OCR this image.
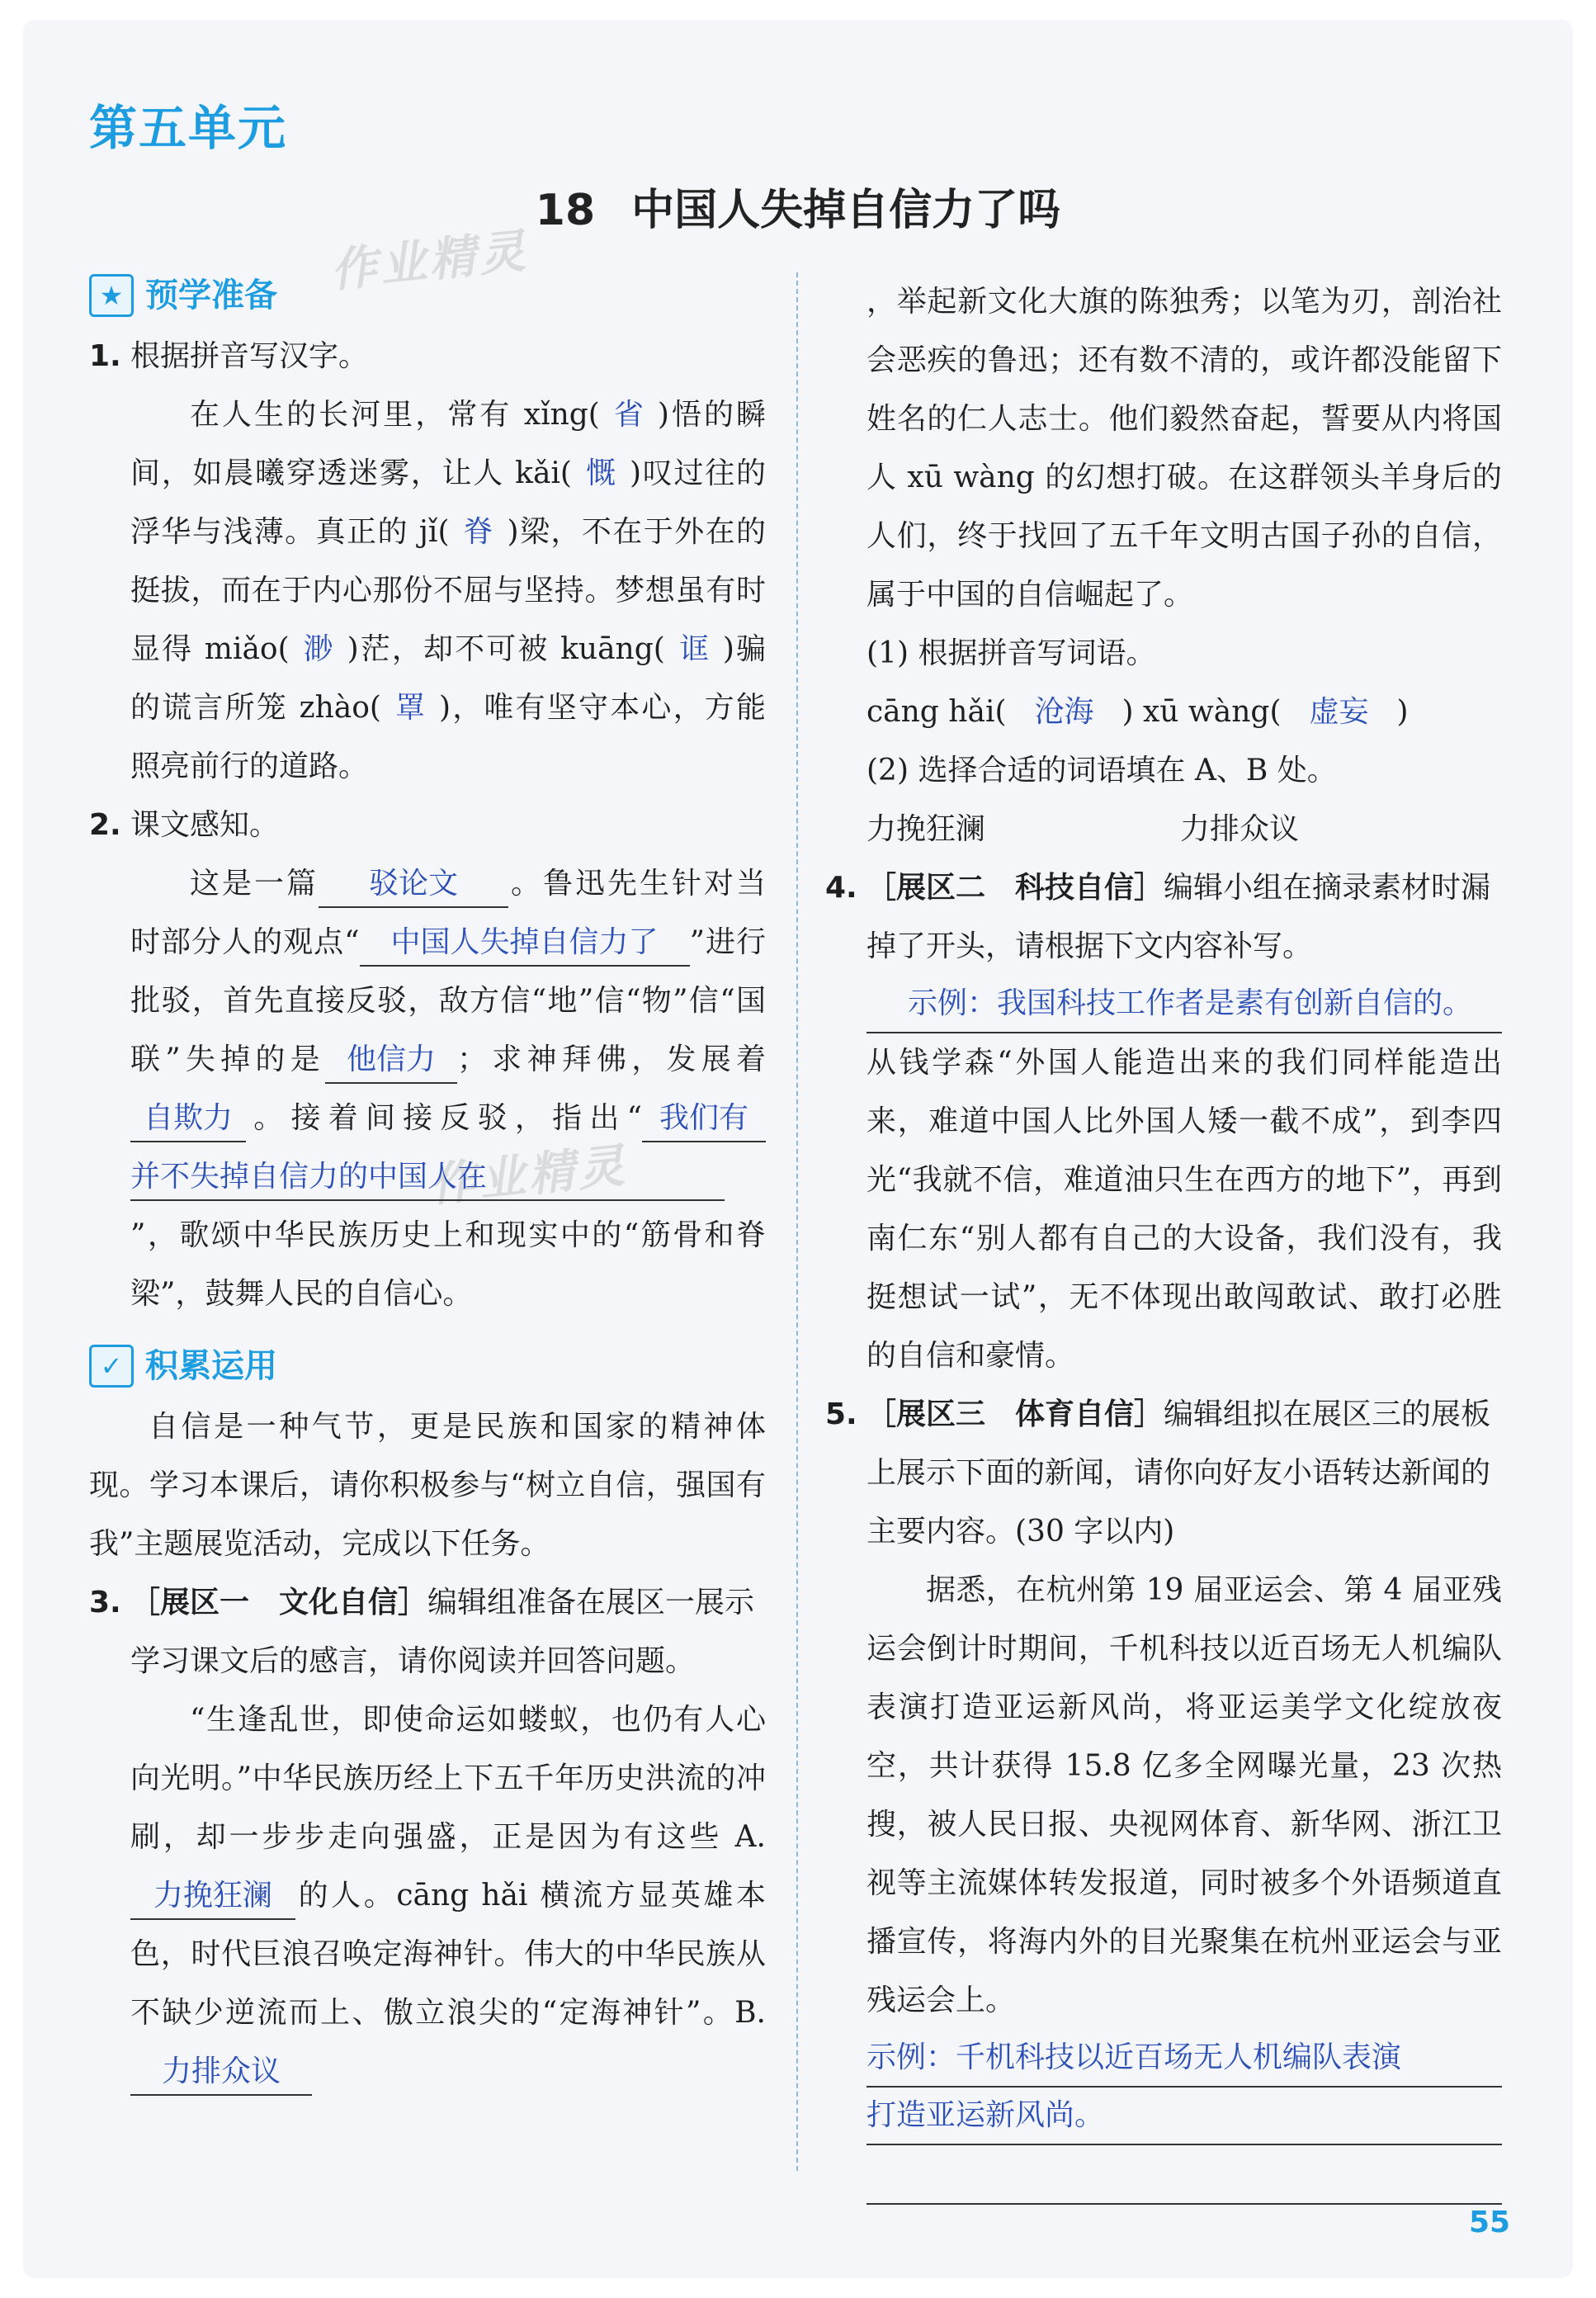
第五单元
18 中国人失掉自信力了吗
作业精灵
作业精灵
★ 预学准备
1. 根据拼音写汉字。
在人生的长河里，常有 xǐng( 省 )悟的瞬间，如晨曦穿透迷雾，让人 kǎi( 慨 )叹过往的浮华与浅薄。真正的 jǐ( 脊 )梁，不在于外在的挺拔，而在于内心那份不屈与坚持。梦想虽有时显得 miǎo( 渺 )茫，却不可被 kuāng( 诓 )骗的谎言所笼 zhào( 罩 )，唯有坚守本心，方能照亮前行的道路。
2. 课文感知。
这是一篇 驳论文 。鲁迅先生针对当时部分人的观点“ 中国人失掉自信力了 ”进行批驳，首先直接反驳，敌方信“地”信“物”信“国联”失掉的是 他信力 ；求神拜佛，发展着自欺力 。接着间接反驳，指出“ 我们有并不失掉自信力的中国人在”，歌颂中华民族历史上和现实中的“筋骨和脊梁”，鼓舞人民的自信心。
✓ 积累运用
自信是一种气节，更是民族和国家的精神体现。学习本课后，请你积极参与“树立自信，强国有我”主题展览活动，完成以下任务。
3. ［展区一　文化自信］编辑组准备在展区一展示学习课文后的感言，请你阅读并回答问题。
“生逢乱世，即使命运如蝼蚁，也仍有人心向光明。”中华民族历经上下五千年历史洪流的冲刷，却一步步走向强盛，正是因为有这些 A.力挽狂澜 的人。cāng hǎi 横流方显英雄本色，时代巨浪召唤定海神针。伟大的中华民族从不缺少逆流而上、傲立浪尖的“定海神针”。B.力排众议
，举起新文化大旗的陈独秀；以笔为刃，剖治社会恶疾的鲁迅；还有数不清的，或许都没能留下姓名的仁人志士。他们毅然奋起，誓要从内将国人 xū wàng 的幻想打破。在这群领头羊身后的人们，终于找回了五千年文明古国子孙的自信，属于中国的自信崛起了。
(1) 根据拼音写词语。
cāng hǎi( 沧海 ) xū wàng( 虚妄 )
(2) 选择合适的词语填在 A、B 处。
力挽狂澜	力排众议
4. ［展区二　科技自信］编辑小组在摘录素材时漏掉了开头，请根据下文内容补写。
示例：我国科技工作者是素有创新自信的。
从钱学森“外国人能造出来的我们同样能造出来，难道中国人比外国人矮一截不成”，到李四光“我就不信，难道油只生在西方的地下”，再到南仁东“别人都有自己的大设备，我们没有，我挺想试一试”，无不体现出敢闯敢试、敢打必胜的自信和豪情。
5. ［展区三　体育自信］编辑组拟在展区三的展板上展示下面的新闻，请你向好友小语转达新闻的主要内容。(30 字以内)
据悉，在杭州第 19 届亚运会、第 4 届亚残运会倒计时期间，千机科技以近百场无人机编队表演打造亚运新风尚，将亚运美学文化绽放夜空，共计获得 15.8 亿多全网曝光量，23 次热搜，被人民日报、央视网体育、新华网、浙江卫视等主流媒体转发报道，同时被多个外语频道直播宣传，将海内外的目光聚集在杭州亚运会与亚残运会上。
示例：千机科技以近百场无人机编队表演
打造亚运新风尚。
55
